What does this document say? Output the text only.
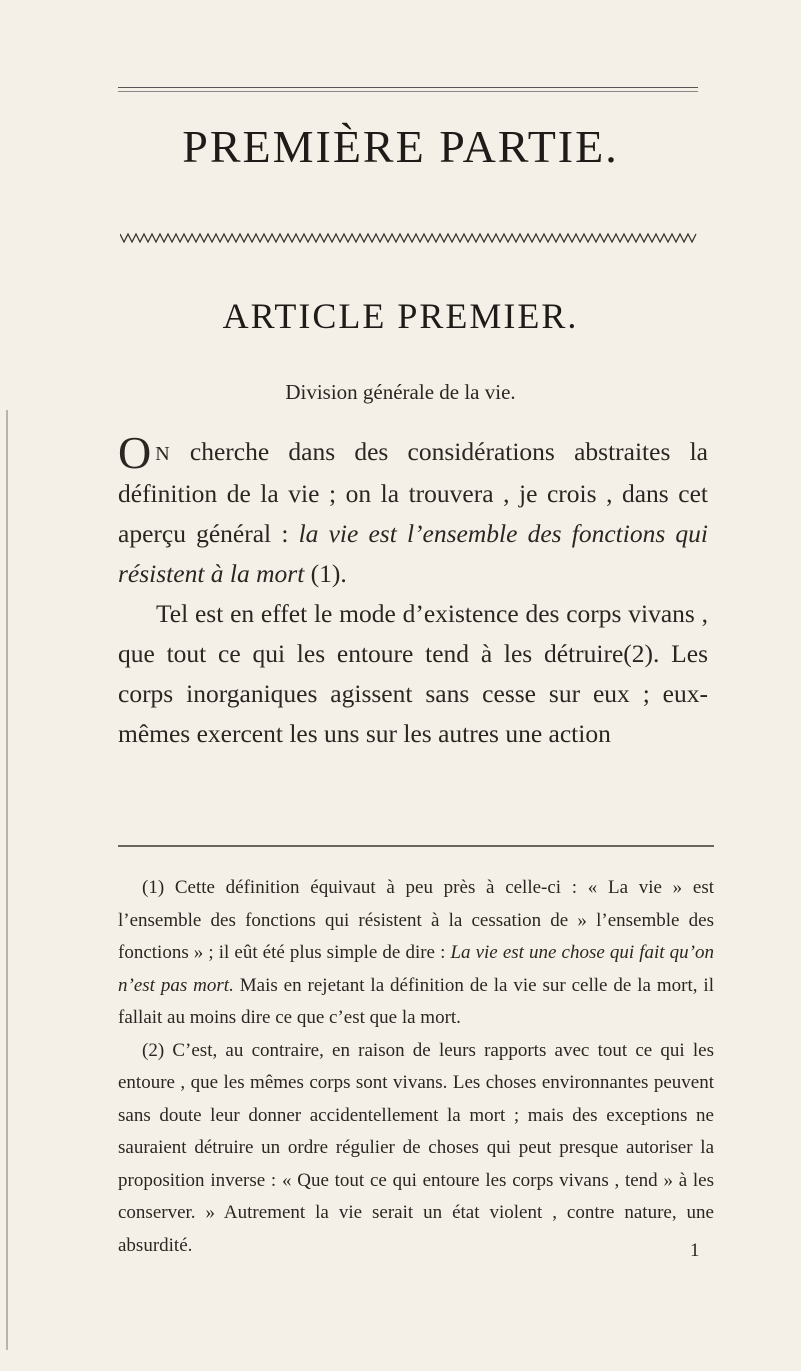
PREMIÈRE PARTIE.
ARTICLE PREMIER.
Division générale de la vie.

O N cherche dans des considérations abstraites la définition de la vie ; on la trouvera , je crois , dans cet aperçu général : la vie est l’ensemble des fonctions qui résistent à la mort (1).

Tel est en effet le mode d’existence des corps vivans , que tout ce qui les entoure tend à les détruire(2). Les corps inorganiques agissent sans cesse sur eux ; eux-mêmes exercent les uns sur les autres une action

(1) Cette définition équivaut à peu près à celle-ci : « La vie » est l’ensemble des fonctions qui résistent à la cessation de » l’ensemble des fonctions » ; il eût été plus simple de dire : La vie est une chose qui fait qu’on n’est pas mort. Mais en rejetant la définition de la vie sur celle de la mort, il fallait au moins dire ce que c’est que la mort.

(2) C’est, au contraire, en raison de leurs rapports avec tout ce qui les entoure , que les mêmes corps sont vivans. Les choses environnantes peuvent sans doute leur donner accidentellement la mort ; mais des exceptions ne sauraient détruire un ordre régulier de choses qui peut presque autoriser la proposition inverse : « Que tout ce qui entoure les corps vivans , tend » à les conserver. » Autrement la vie serait un état violent , contre nature, une absurdité.	1
